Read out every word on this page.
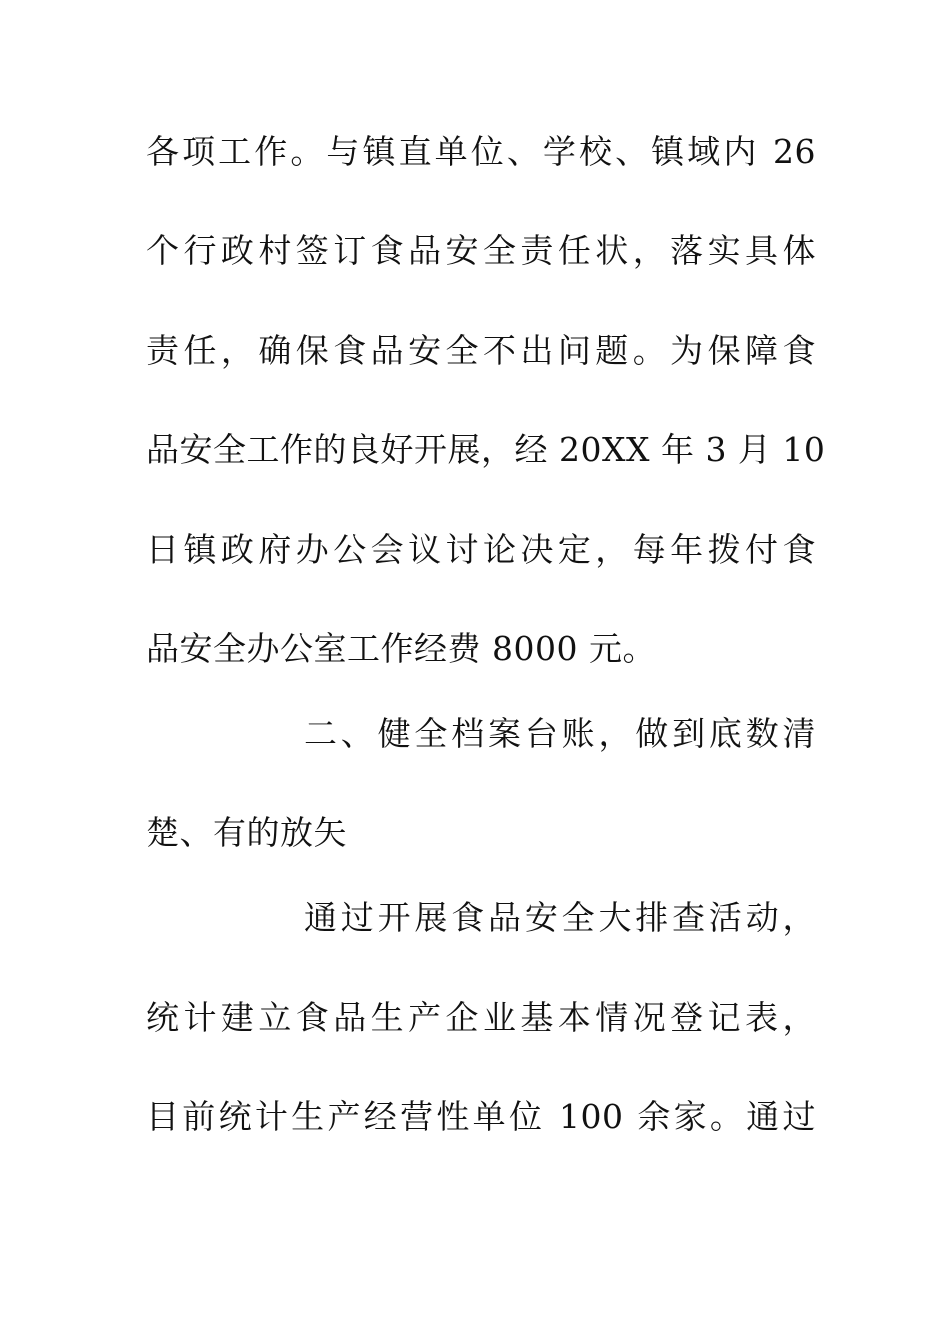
各项工作。与镇直单位、学校、镇域内 26
个行政村签订食品安全责任状，落实具体
责任，确保食品安全不出问题。为保障食
品安全工作的良好开展，经 20XX 年 3 月 10
日镇政府办公会议讨论决定，每年拨付食
品安全办公室工作经费 8000 元。
二、健全档案台账，做到底数清
楚、有的放矢
通过开展食品安全大排查活动，
统计建立食品生产企业基本情况登记表，
目前统计生产经营性单位 100 余家。通过
